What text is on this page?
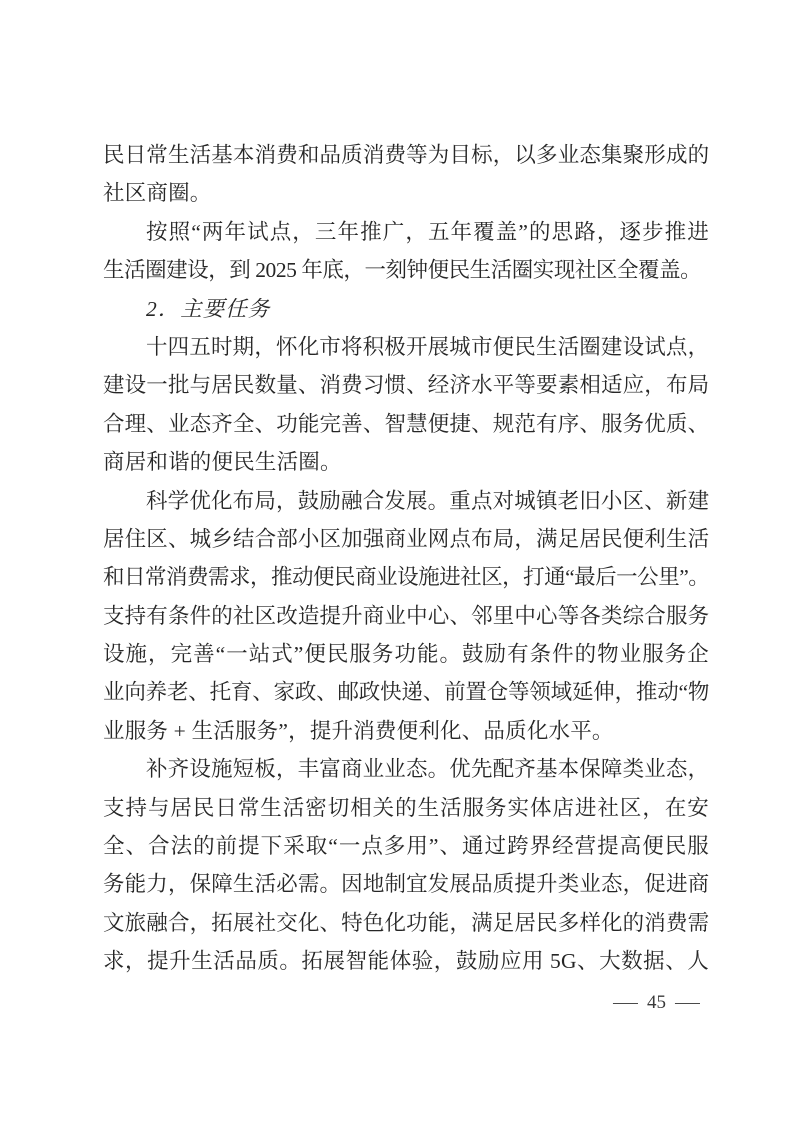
民日常生活基本消费和品质消费等为目标，以多业态集聚形成的
社区商圈。
按照“两年试点，三年推广，五年覆盖”的思路，逐步推进
生活圈建设，到 2025 年底，一刻钟便民生活圈实现社区全覆盖。
2．主要任务
十四五时期，怀化市将积极开展城市便民生活圈建设试点，
建设一批与居民数量、消费习惯、经济水平等要素相适应，布局
合理、业态齐全、功能完善、智慧便捷、规范有序、服务优质、
商居和谐的便民生活圈。
科学优化布局，鼓励融合发展。重点对城镇老旧小区、新建
居住区、城乡结合部小区加强商业网点布局，满足居民便利生活
和日常消费需求，推动便民商业设施进社区，打通“最后一公里”。
支持有条件的社区改造提升商业中心、邻里中心等各类综合服务
设施，完善“一站式”便民服务功能。鼓励有条件的物业服务企
业向养老、托育、家政、邮政快递、前置仓等领域延伸，推动“物
业服务 + 生活服务”，提升消费便利化、品质化水平。
补齐设施短板，丰富商业业态。优先配齐基本保障类业态，
支持与居民日常生活密切相关的生活服务实体店进社区，在安
全、合法的前提下采取“一点多用”、通过跨界经营提高便民服
务能力，保障生活必需。因地制宜发展品质提升类业态，促进商
文旅融合，拓展社交化、特色化功能，满足居民多样化的消费需
求，提升生活品质。拓展智能体验，鼓励应用 5G、大数据、人
— 45 —
